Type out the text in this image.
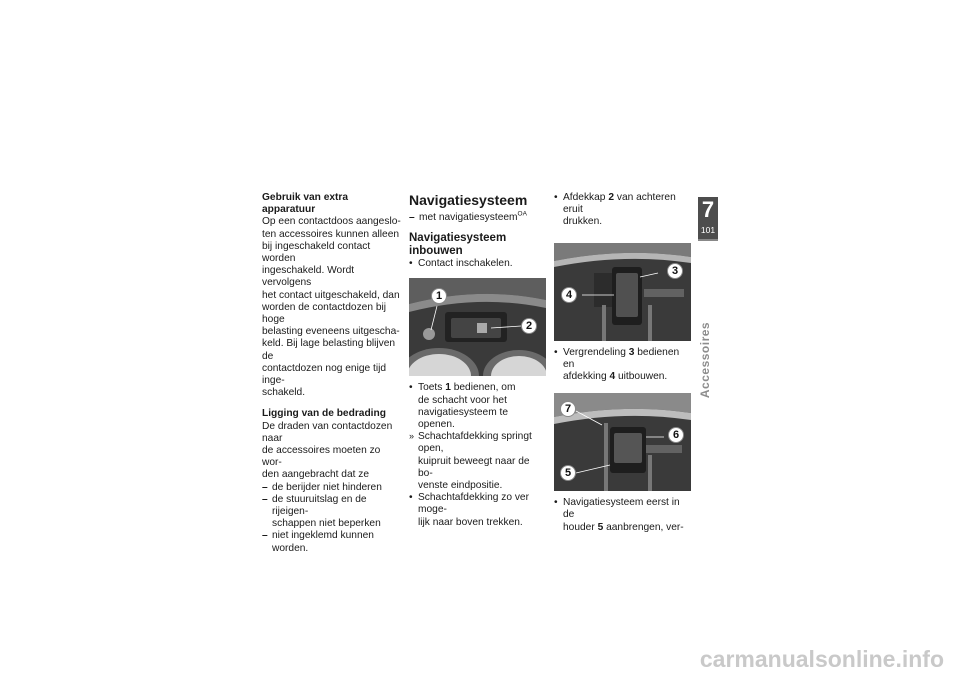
Gebruik van extra apparatuur
Op een contactdoos aangeslo-
ten accessoires kunnen alleen
bij ingeschakeld contact worden
ingeschakeld. Wordt vervolgens
het contact uitgeschakeld, dan
worden de contactdozen bij hoge
belasting eveneens uitgescha-
keld. Bij lage belasting blijven de
contactdozen nog enige tijd inge-
schakeld.
Ligging van de bedrading
De draden van contactdozen naar
de accessoires moeten zo wor-
den aangebracht dat ze
– de berijder niet hinderen
– de stuuruitslag en de rijeigen-
schappen niet beperken
– niet ingeklemd kunnen worden.
Navigatiesysteem
– met navigatiesysteem$^{OA}$
Navigatiesysteem
inbouwen
• Contact inschakelen.
1
2
• Toets 1 bedienen, om
de schacht voor het
navigatiesysteem te openen.
» Schachtafdekking springt open,
kuipruit beweegt naar de bo-
venste eindpositie.
• Schachtafdekking zo ver moge-
lijk naar boven trekken.
• Afdekkap 2 van achteren eruit
drukken.
3
4
• Vergrendeling 3 bedienen en
afdekking 4 uitbouwen.
7
6
5
• Navigatiesysteem eerst in de
houder 5 aanbrengen, ver-
7
101
Accessoires
carmanualsonline.info
